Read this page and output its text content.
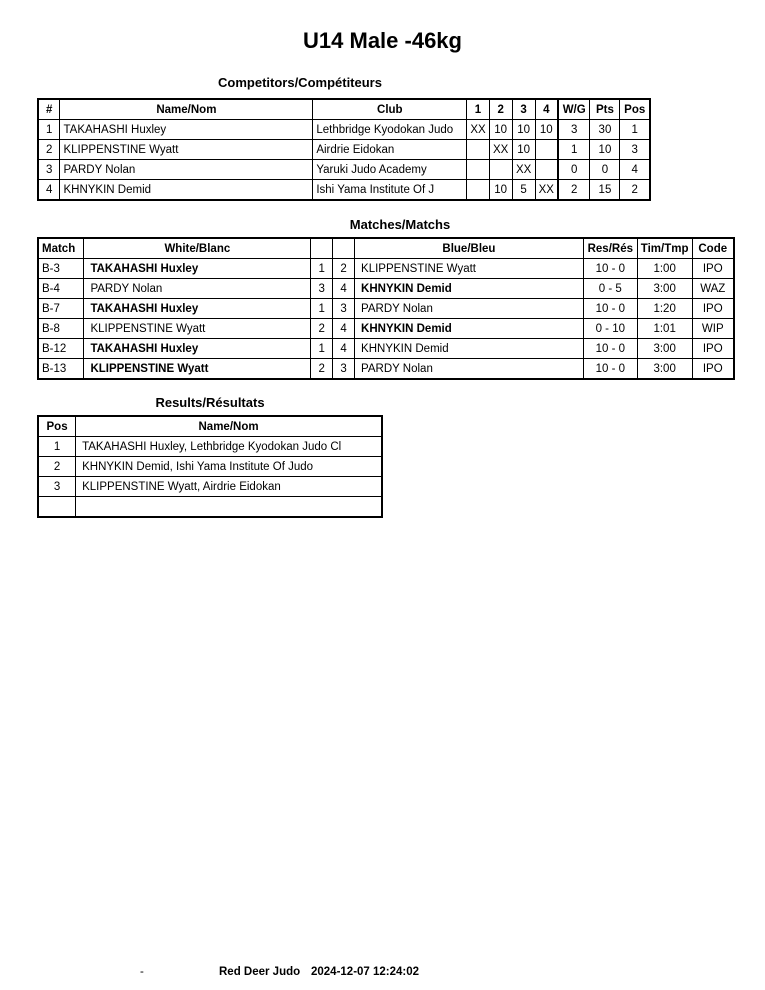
U14 Male -46kg
Competitors/Compétiteurs
#	Name/Nom	Club	1	2	3	4	W/G	Pts	Pos
1	TAKAHASHI Huxley	Lethbridge Kyodokan Judo	XX	10	10	10	3	30	1
2	KLIPPENSTINE Wyatt	Airdrie Eidokan		XX	10		1	10	3
3	PARDY Nolan	Yaruki Judo Academy			XX		0	0	4
4	KHNYKIN Demid	Ishi Yama Institute Of J		10	5	XX	2	15	2
Matches/Matchs
Match	White/Blanc			Blue/Bleu	Res/Rés	Tim/Tmp	Code
B-3	TAKAHASHI Huxley	1	2	KLIPPENSTINE Wyatt	10 - 0	1:00	IPO
B-4	PARDY Nolan	3	4	KHNYKIN Demid	0 - 5	3:00	WAZ
B-7	TAKAHASHI Huxley	1	3	PARDY Nolan	10 - 0	1:20	IPO
B-8	KLIPPENSTINE Wyatt	2	4	KHNYKIN Demid	0 - 10	1:01	WIP
B-12	TAKAHASHI Huxley	1	4	KHNYKIN Demid	10 - 0	3:00	IPO
B-13	KLIPPENSTINE Wyatt	2	3	PARDY Nolan	10 - 0	3:00	IPO
Results/Résultats
Pos	Name/Nom
1	TAKAHASHI Huxley, Lethbridge Kyodokan Judo Cl
2	KHNYKIN Demid, Ishi Yama Institute Of Judo
3	KLIPPENSTINE Wyatt, Airdrie Eidokan

-	Red Deer Judo 2024-12-07 12:24:02
